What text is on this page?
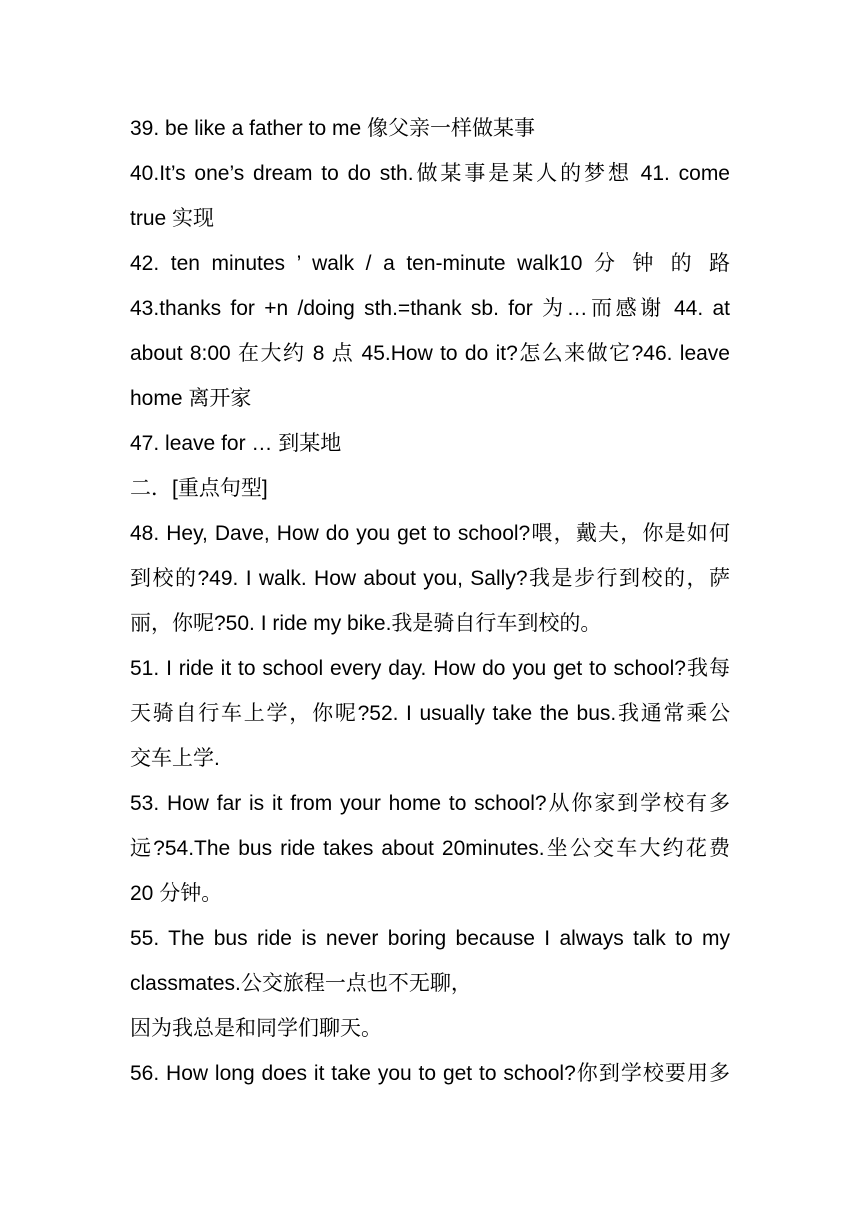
39. be like a father to me 像父亲一样做某事
40.It’s one’s dream to do sth.做某事是某人的梦想 41. come
true 实现
42. ten minutes ’ walk / a ten-minute walk10 分 钟 的 路
43.thanks for +n /doing sth.=thank sb. for 为…而感谢 44. at
about 8:00 在大约 8 点 45.How to do it?怎么来做它?46. leave
home 离开家
47. leave for … 到某地
二．[重点句型]
48. Hey, Dave, How do you get to school?喂，戴夫，你是如何
到校的?49. I walk. How about you, Sally?我是步行到校的，萨
丽，你呢?50. I ride my bike.我是骑自行车到校的。
51. I ride it to school every day. How do you get to school?我每
天骑自行车上学，你呢?52. I usually take the bus.我通常乘公
交车上学.
53. How far is it from your home to school?从你家到学校有多
远?54.The bus ride takes about 20minutes.坐公交车大约花费
20 分钟。
55. The bus ride is never boring because I always talk to my
classmates.公交旅程一点也不无聊，
因为我总是和同学们聊天。
56. How long does it take you to get to school?你到学校要用多
